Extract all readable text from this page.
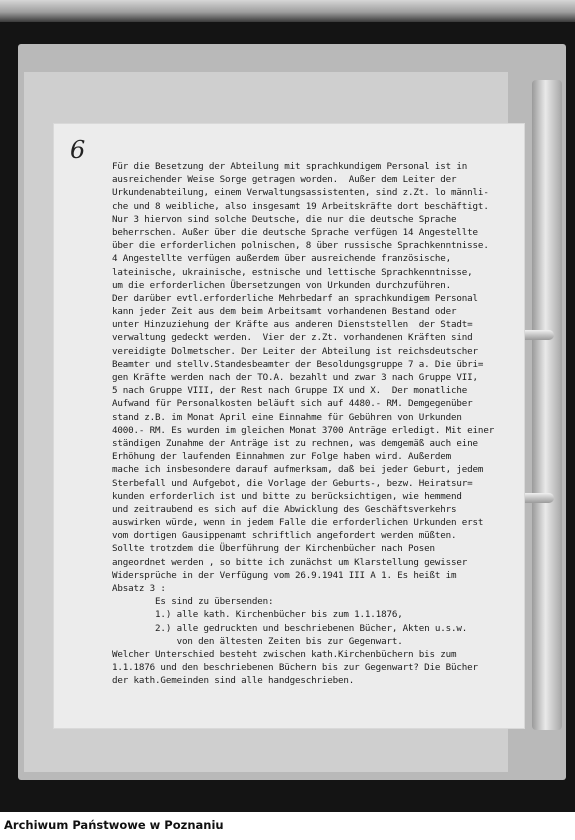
6
Für die Besetzung der Abteilung mit sprachkundigem Personal ist in
ausreichender Weise Sorge getragen worden.  Außer dem Leiter der
Urkundenabteilung, einem Verwaltungsassistenten, sind z.Zt. lo männli-
che und 8 weibliche, also insgesamt 19 Arbeitskräfte dort beschäftigt.
Nur 3 hiervon sind solche Deutsche, die nur die deutsche Sprache
beherrschen. Außer über die deutsche Sprache verfügen 14 Angestellte
über die erforderlichen polnischen, 8 über russische Sprachkenntnisse.
4 Angestellte verfügen außerdem über ausreichende französische,
lateinische, ukrainische, estnische und lettische Sprachkenntnisse,
um die erforderlichen Übersetzungen von Urkunden durchzuführen.
Der darüber evtl.erforderliche Mehrbedarf an sprachkundigem Personal
kann jeder Zeit aus dem beim Arbeitsamt vorhandenen Bestand oder
unter Hinzuziehung der Kräfte aus anderen Dienststellen  der Stadt=
verwaltung gedeckt werden.  Vier der z.Zt. vorhandenen Kräften sind
vereidigte Dolmetscher. Der Leiter der Abteilung ist reichsdeutscher
Beamter und stellv.Standesbeamter der Besoldungsgruppe 7 a. Die übri=
gen Kräfte werden nach der TO.A. bezahlt und zwar 3 nach Gruppe VII,
5 nach Gruppe VIII, der Rest nach Gruppe IX und X.  Der monatliche
Aufwand für Personalkosten beläuft sich auf 4480.- RM. Demgegenüber
stand z.B. im Monat April eine Einnahme für Gebühren von Urkunden
4000.- RM. Es wurden im gleichen Monat 3700 Anträge erledigt. Mit einer
ständigen Zunahme der Anträge ist zu rechnen, was demgemäß auch eine
Erhöhung der laufenden Einnahmen zur Folge haben wird. Außerdem
mache ich insbesondere darauf aufmerksam, daß bei jeder Geburt, jedem
Sterbefall und Aufgebot, die Vorlage der Geburts-, bezw. Heiratsur=
kunden erforderlich ist und bitte zu berücksichtigen, wie hemmend
und zeitraubend es sich auf die Abwicklung des Geschäftsverkehrs
auswirken würde, wenn in jedem Falle die erforderlichen Urkunden erst
vom dortigen Gausippenamt schriftlich angefordert werden müßten.
Sollte trotzdem die Überführung der Kirchenbücher nach Posen
angeordnet werden , so bitte ich zunächst um Klarstellung gewisser
Widersprüche in der Verfügung vom 26.9.1941 III A 1. Es heißt im
Absatz 3 :
Es sind zu übersenden:
1.) alle kath. Kirchenbücher bis zum 1.1.1876,
2.) alle gedruckten und beschriebenen Bücher, Akten u.s.w.
von den ältesten Zeiten bis zur Gegenwart.
Welcher Unterschied besteht zwischen kath.Kirchenbüchern bis zum
1.1.1876 und den beschriebenen Büchern bis zur Gegenwart? Die Bücher
der kath.Gemeinden sind alle handgeschrieben.
Archiwum Państwowe w Poznaniu
